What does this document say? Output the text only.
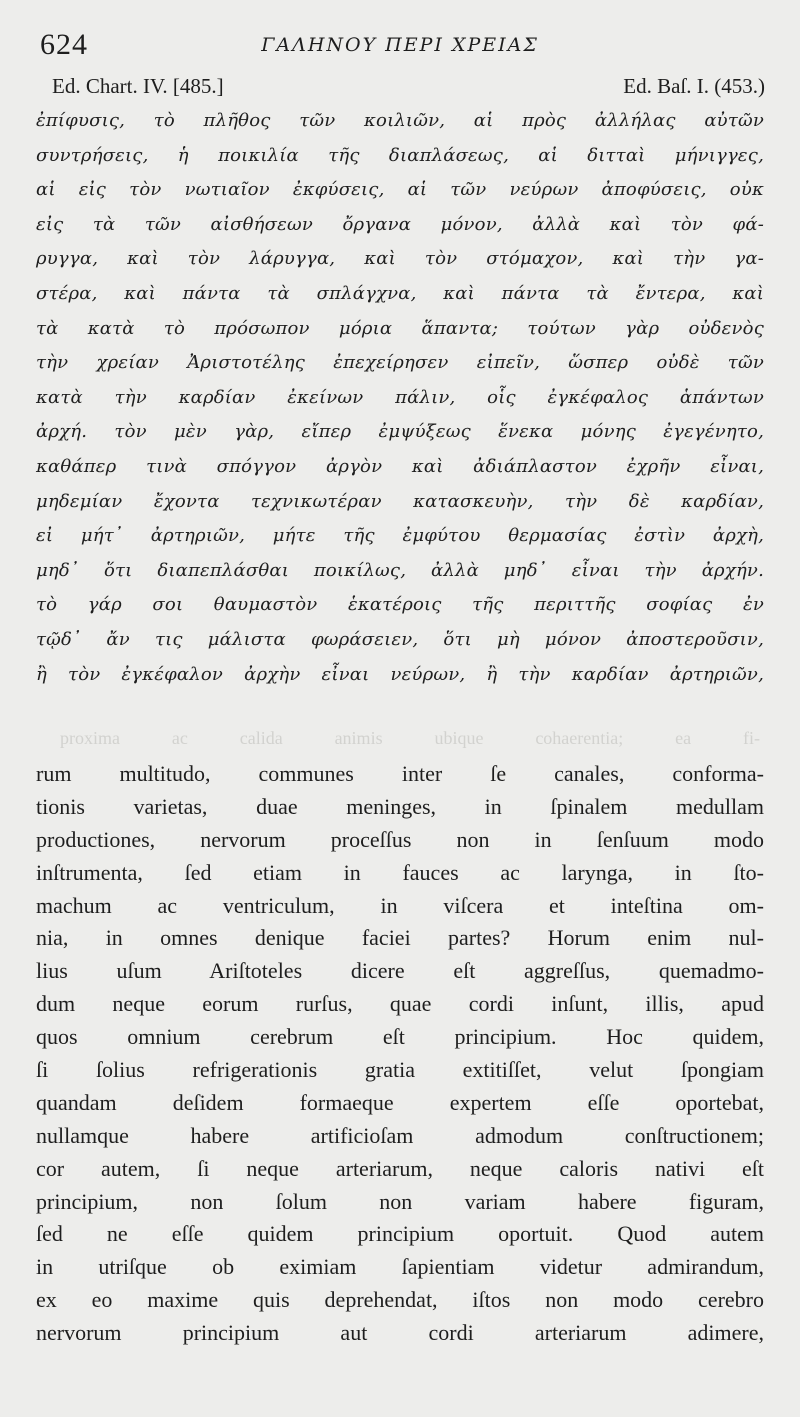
624	ΓΑΛΗΝΟΥ ΠΕΡΙ ΧΡΕΙΑΣ
Ed. Chart. IV. [485.]	Ed. Baſ. I. (453.)
ἐπίφυσις, τὸ πλῆθος τῶν κοιλιῶν, αἱ πρὸς ἀλλήλας αὐτῶν
συντρήσεις, ἡ ποικιλία τῆς διαπλάσεως, αἱ διτταὶ μήνιγγες,
αἱ εἰς τὸν νωτιαῖον ἐκφύσεις, αἱ τῶν νεύρων ἀποφύσεις, οὐκ
εἰς τὰ τῶν αἰσθήσεων ὄργανα μόνον, ἀλλὰ καὶ τὸν φά-
ρυγγα, καὶ τὸν λάρυγγα, καὶ τὸν στόμαχον, καὶ τὴν γα-
στέρα, καὶ πάντα τὰ σπλάγχνα, καὶ πάντα τὰ ἔντερα, καὶ
τὰ κατὰ τὸ πρόσωπον μόρια ἅπαντα; τούτων γὰρ οὐδενὸς
τὴν χρείαν Ἀριστοτέλης ἐπεχείρησεν εἰπεῖν, ὥσπερ οὐδὲ τῶν
κατὰ τὴν καρδίαν ἐκείνων πάλιν, οἷς ἐγκέφαλος ἁπάντων
ἀρχή. τὸν μὲν γὰρ, εἴπερ ἐμψύξεως ἕνεκα μόνης ἐγεγένητο,
καθάπερ τινὰ σπόγγον ἀργὸν καὶ ἀδιάπλαστον ἐχρῆν εἶναι,
μηδεμίαν ἔχοντα τεχνικωτέραν κατασκευὴν, τὴν δὲ καρδίαν,
εἰ μήτ᾽ ἀρτηριῶν, μήτε τῆς ἐμφύτου θερμασίας ἐστὶν ἀρχὴ,
μηδ᾽ ὅτι διαπεπλάσθαι ποικίλως, ἀλλὰ μηδ᾽ εἶναι τὴν ἀρχήν.
τὸ γάρ σοι θαυμαστὸν ἑκατέροις τῆς περιττῆς σοφίας ἐν
τῷδ᾽ ἄν τις μάλιστα φωράσειεν, ὅτι μὴ μόνον ἀποστεροῦσιν,
ἢ τὸν ἐγκέφαλον ἀρχὴν εἶναι νεύρων, ἢ τὴν καρδίαν ἀρτηριῶν,
proxima ac calida animis ubique cohaerentia; ea fi-
rum multitudo, communes inter ſe canales, conforma-
tionis varietas, duae meninges, in ſpinalem medullam
productiones, nervorum proceſſus non in ſenſuum modo
inſtrumenta, ſed etiam in fauces ac larynga, in ſto-
machum ac ventriculum, in viſcera et inteſtina om-
nia, in omnes denique faciei partes? Horum enim nul-
lius uſum Ariſtoteles dicere eſt aggreſſus, quemadmo-
dum neque eorum rurſus, quae cordi inſunt, illis, apud
quos omnium cerebrum eſt principium. Hoc quidem,
ſi ſolius refrigerationis gratia extitiſſet, velut ſpongiam
quandam deſidem formaeque expertem eſſe oportebat,
nullamque habere artificioſam admodum conſtructionem;
cor autem, ſi neque arteriarum, neque caloris nativi eſt
principium, non ſolum non variam habere figuram,
ſed ne eſſe quidem principium oportuit. Quod autem
in utriſque ob eximiam ſapientiam videtur admirandum,
ex eo maxime quis deprehendat, iſtos non modo cerebro
nervorum principium aut cordi arteriarum adimere,
